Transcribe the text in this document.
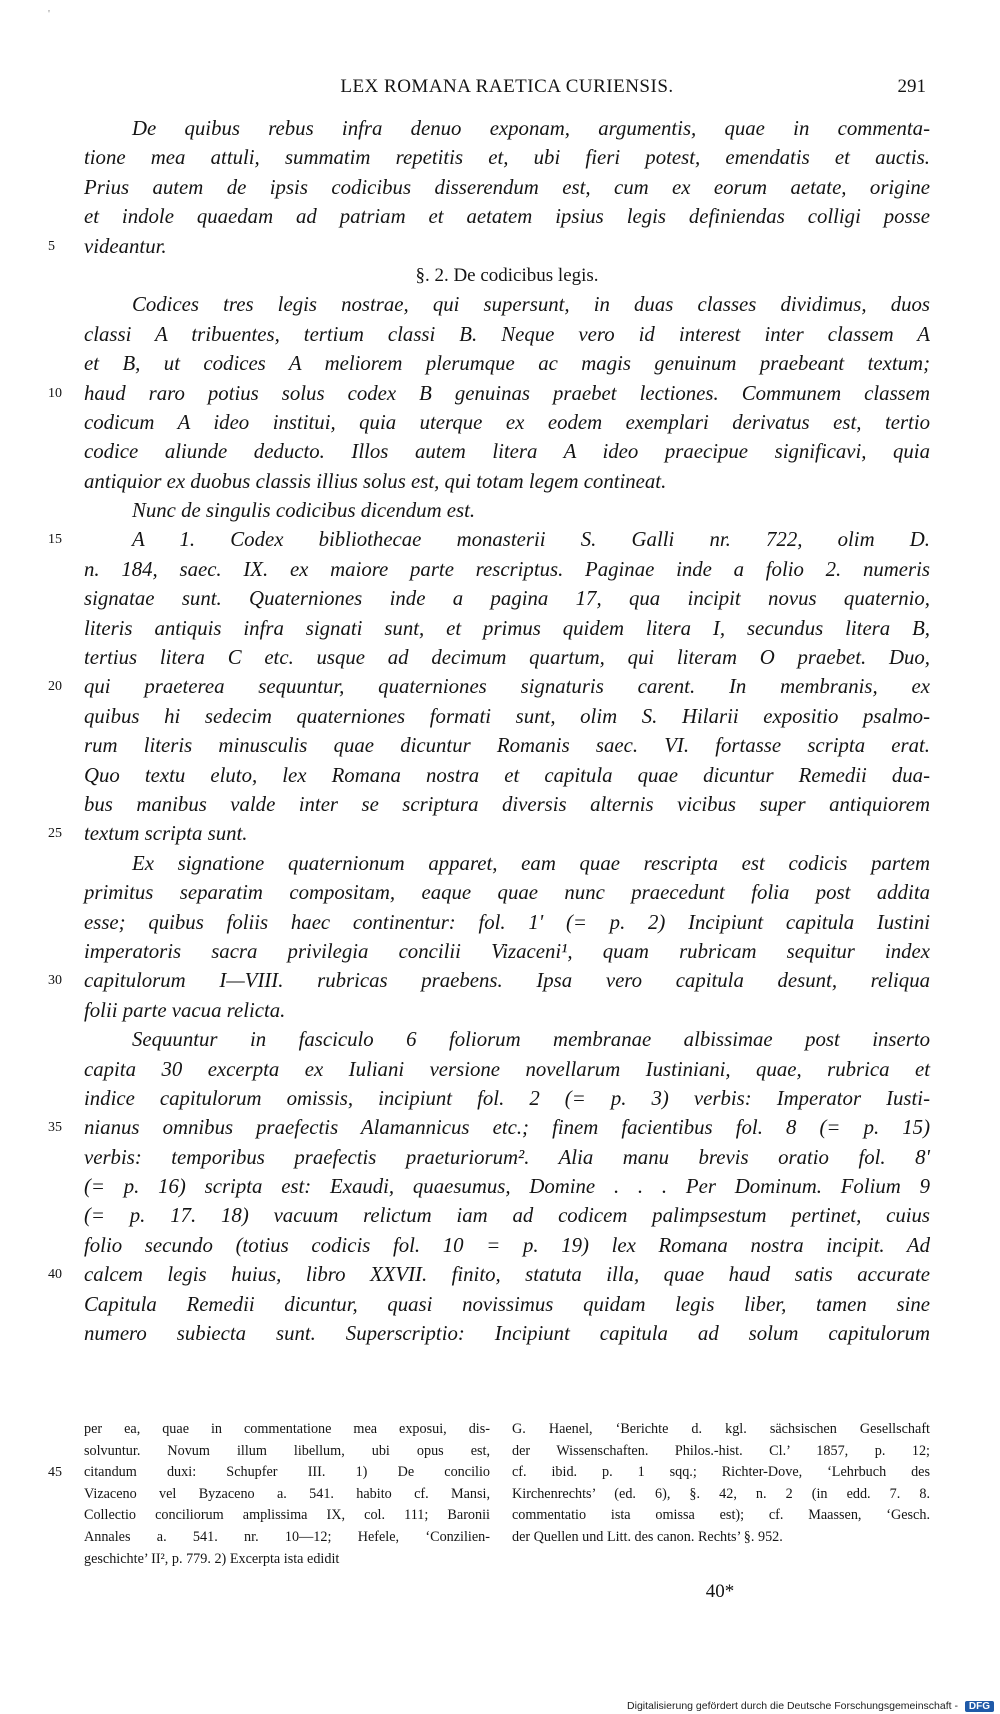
'
LEX ROMANA RAETICA CURIENSIS.	291
De quibus rebus infra denuo exponam, argumentis, quae in commenta-
tione mea attuli, summatim repetitis et, ubi fieri potest, emendatis et auctis.
Prius autem de ipsis codicibus disserendum est, cum ex eorum aetate, origine
et indole quaedam ad patriam et aetatem ipsius legis definiendas colligi posse
5	videantur.
§. 2. De codicibus legis.
Codices tres legis nostrae, qui supersunt, in duas classes dividimus, duos
classi A tribuentes, tertium classi B. Neque vero id interest inter classem A
et B, ut codices A meliorem plerumque ac magis genuinum praebeant textum;
10	haud raro potius solus codex B genuinas praebet lectiones. Communem classem
codicum A ideo institui, quia uterque ex eodem exemplari derivatus est, tertio
codice aliunde deducto. Illos autem litera A ideo praecipue significavi, quia
antiquior ex duobus classis illius solus est, qui totam legem contineat.
Nunc de singulis codicibus dicendum est.
15	A 1. Codex bibliothecae monasterii S. Galli nr. 722, olim D.
n. 184, saec. IX. ex maiore parte rescriptus. Paginae inde a folio 2. numeris
signatae sunt. Quaterniones inde a pagina 17, qua incipit novus quaternio,
literis antiquis infra signati sunt, et primus quidem litera I, secundus litera B,
tertius litera C etc. usque ad decimum quartum, qui literam O praebet. Duo,
20	qui praeterea sequuntur, quaterniones signaturis carent. In membranis, ex
quibus hi sedecim quaterniones formati sunt, olim S. Hilarii expositio psalmo-
rum literis minusculis quae dicuntur Romanis saec. VI. fortasse scripta erat.
Quo textu eluto, lex Romana nostra et capitula quae dicuntur Remedii dua-
bus manibus valde inter se scriptura diversis alternis vicibus super antiquiorem
25	textum scripta sunt.
Ex signatione quaternionum apparet, eam quae rescripta est codicis partem
primitus separatim compositam, eaque quae nunc praecedunt folia post addita
esse; quibus foliis haec continentur: fol. 1' (= p. 2) Incipiunt capitula Iustini
imperatoris sacra privilegia concilii Vizaceni¹, quam rubricam sequitur index
30	capitulorum I—VIII. rubricas praebens. Ipsa vero capitula desunt, reliqua
folii parte vacua relicta.
Sequuntur in fasciculo 6 foliorum membranae albissimae post inserto
capita 30 excerpta ex Iuliani versione novellarum Iustiniani, quae, rubrica et
indice capitulorum omissis, incipiunt fol. 2 (= p. 3) verbis: Imperator Iusti-
35	nianus omnibus praefectis Alamannicus etc.; finem facientibus fol. 8 (= p. 15)
verbis: temporibus praefectis praeturiorum². Alia manu brevis oratio fol. 8'
(= p. 16) scripta est: Exaudi, quaesumus, Domine . . . Per Dominum. Folium 9
(= p. 17. 18) vacuum relictum iam ad codicem palimpsestum pertinet, cuius
folio secundo (totius codicis fol. 10 = p. 19) lex Romana nostra incipit. Ad
40	calcem legis huius, libro XXVII. finito, statuta illa, quae haud satis accurate
Capitula Remedii dicuntur, quasi novissimus quidam legis liber, tamen sine
numero subiecta sunt. Superscriptio: Incipiunt capitula ad solum capitulorum
per ea, quae in commentatione mea exposui, dis-
solvuntur. Novum illum libellum, ubi opus est,
45	citandum duxi: Schupfer III. 1) De concilio
Vizaceno vel Byzaceno a. 541. habito cf. Mansi,
Collectio conciliorum amplissima IX, col. 111; Baronii
Annales a. 541. nr. 10—12; Hefele, ‘Conzilien-
geschichte’ II², p. 779. 2) Excerpta ista edidit
G. Haenel, ‘Berichte d. kgl. sächsischen Gesellschaft
der Wissenschaften. Philos.-hist. Cl.’ 1857, p. 12;
cf. ibid. p. 1 sqq.; Richter-Dove, ‘Lehrbuch des
Kirchenrechts’ (ed. 6), §. 42, n. 2 (in edd. 7. 8.
commentatio ista omissa est); cf. Maassen, ‘Gesch.
der Quellen und Litt. des canon. Rechts’ §. 952.
40*
Digitalisierung gefördert durch die Deutsche Forschungsgemeinschaft - DFG
